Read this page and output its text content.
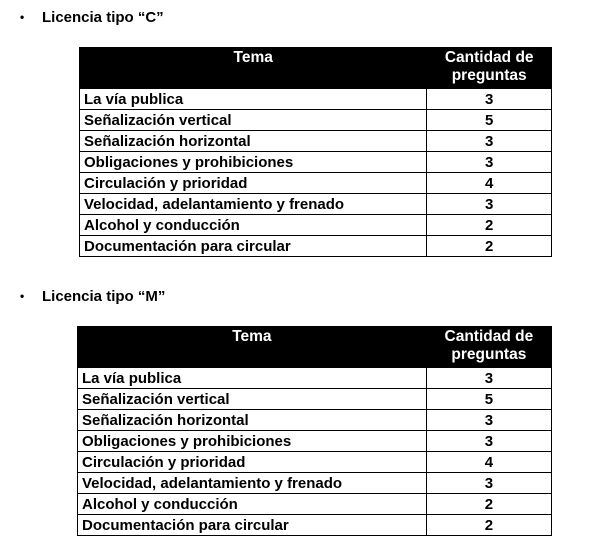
• Licencia tipo “C”
Tema	Cantidad de preguntas
La vía publica	3
Señalización vertical	5
Señalización horizontal	3
Obligaciones y prohibiciones	3
Circulación y prioridad	4
Velocidad, adelantamiento y frenado	3
Alcohol y conducción	2
Documentación para circular	2
• Licencia tipo “M”
Tema	Cantidad de preguntas
La vía publica	3
Señalización vertical	5
Señalización horizontal	3
Obligaciones y prohibiciones	3
Circulación y prioridad	4
Velocidad, adelantamiento y frenado	3
Alcohol y conducción	2
Documentación para circular	2
